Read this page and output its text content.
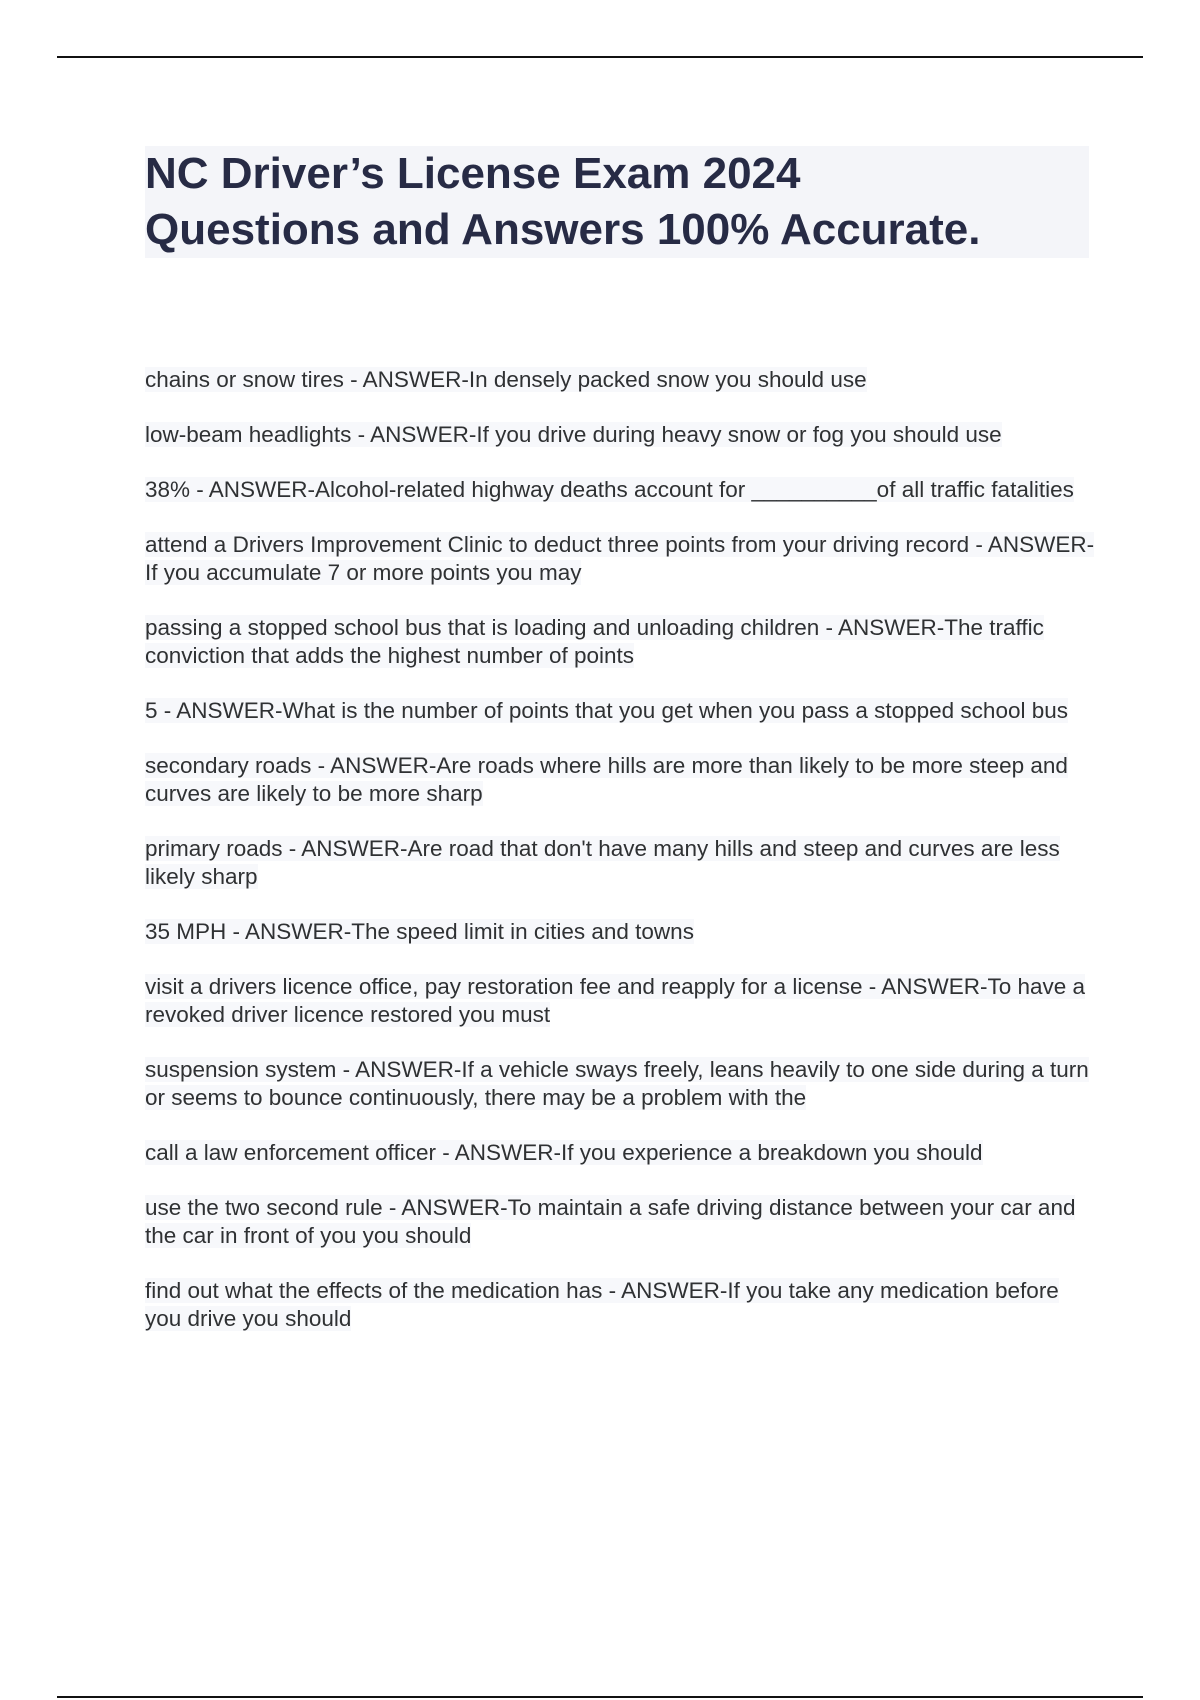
NC Driver’s License Exam 2024
Questions and Answers 100% Accurate.
chains or snow tires - ANSWER-In densely packed snow you should use
low-beam headlights - ANSWER-If you drive during heavy snow or fog you should use
38% - ANSWER-Alcohol-related highway deaths account for __________of all traffic fatalities
attend a Drivers Improvement Clinic to deduct three points from your driving record - ANSWER-If you accumulate 7 or more points you may
passing a stopped school bus that is loading and unloading children - ANSWER-The traffic conviction that adds the highest number of points
5 - ANSWER-What is the number of points that you get when you pass a stopped school bus
secondary roads - ANSWER-Are roads where hills are more than likely to be more steep and curves are likely to be more sharp
primary roads - ANSWER-Are road that don't have many hills and steep and curves are less likely sharp
35 MPH - ANSWER-The speed limit in cities and towns
visit a drivers licence office, pay restoration fee and reapply for a license - ANSWER-To have a revoked driver licence restored you must
suspension system - ANSWER-If a vehicle sways freely, leans heavily to one side during a turn or seems to bounce continuously, there may be a problem with the
call a law enforcement officer - ANSWER-If you experience a breakdown you should
use the two second rule - ANSWER-To maintain a safe driving distance between your car and the car in front of you you should
find out what the effects of the medication has - ANSWER-If you take any medication before you drive you should
